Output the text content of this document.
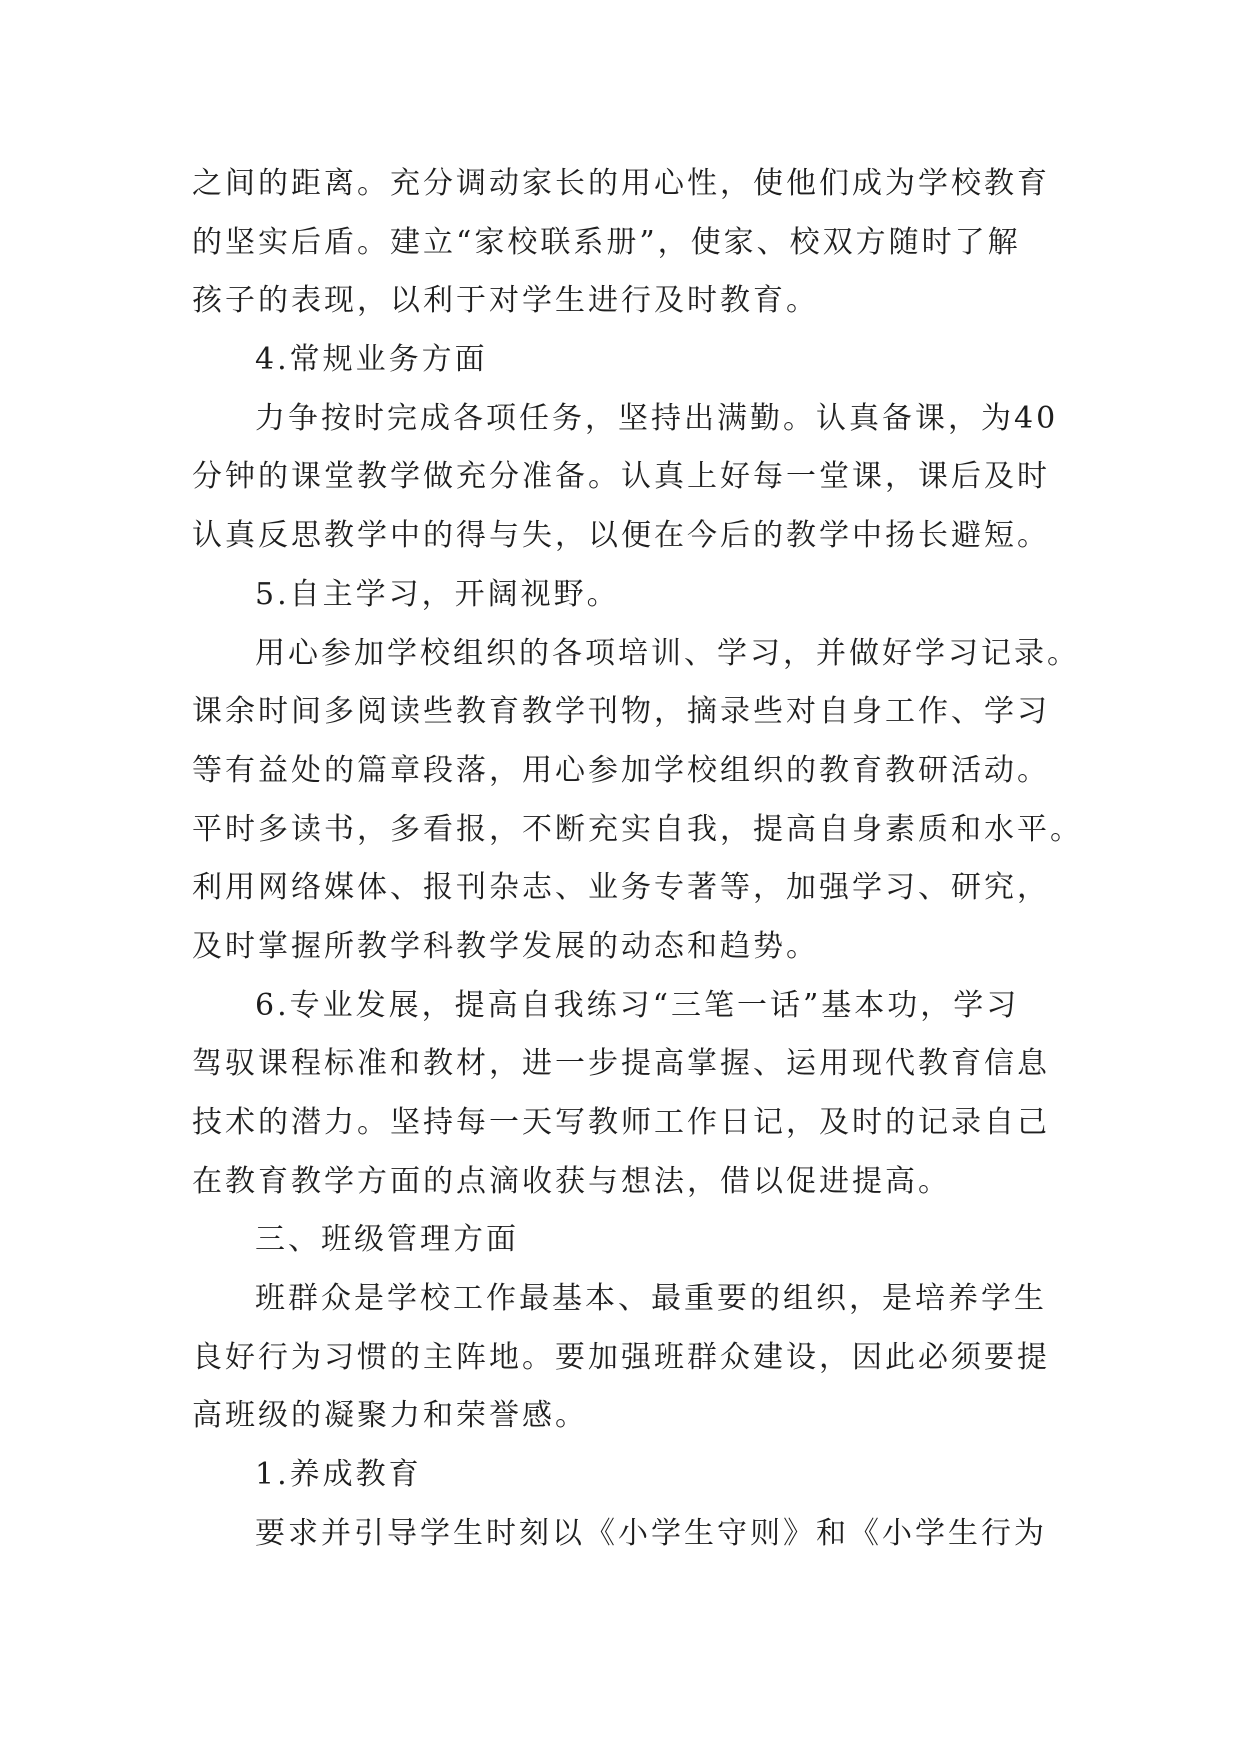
之间的距离。充分调动家长的用心性，使他们成为学校教育
的坚实后盾。建立“家校联系册”，使家、校双方随时了解
孩子的表现，以利于对学生进行及时教育。
4.常规业务方面
力争按时完成各项任务，坚持出满勤。认真备课，为40
分钟的课堂教学做充分准备。认真上好每一堂课，课后及时
认真反思教学中的得与失，以便在今后的教学中扬长避短。
5.自主学习，开阔视野。
用心参加学校组织的各项培训、学习，并做好学习记录。
课余时间多阅读些教育教学刊物，摘录些对自身工作、学习
等有益处的篇章段落，用心参加学校组织的教育教研活动。
平时多读书，多看报，不断充实自我，提高自身素质和水平。
利用网络媒体、报刊杂志、业务专著等，加强学习、研究，
及时掌握所教学科教学发展的动态和趋势。
6.专业发展，提高自我练习“三笔一话”基本功，学习
驾驭课程标准和教材，进一步提高掌握、运用现代教育信息
技术的潜力。坚持每一天写教师工作日记，及时的记录自己
在教育教学方面的点滴收获与想法，借以促进提高。
三、班级管理方面
班群众是学校工作最基本、最重要的组织，是培养学生
良好行为习惯的主阵地。要加强班群众建设，因此必须要提
高班级的凝聚力和荣誉感。
1.养成教育
要求并引导学生时刻以《小学生守则》和《小学生行为
